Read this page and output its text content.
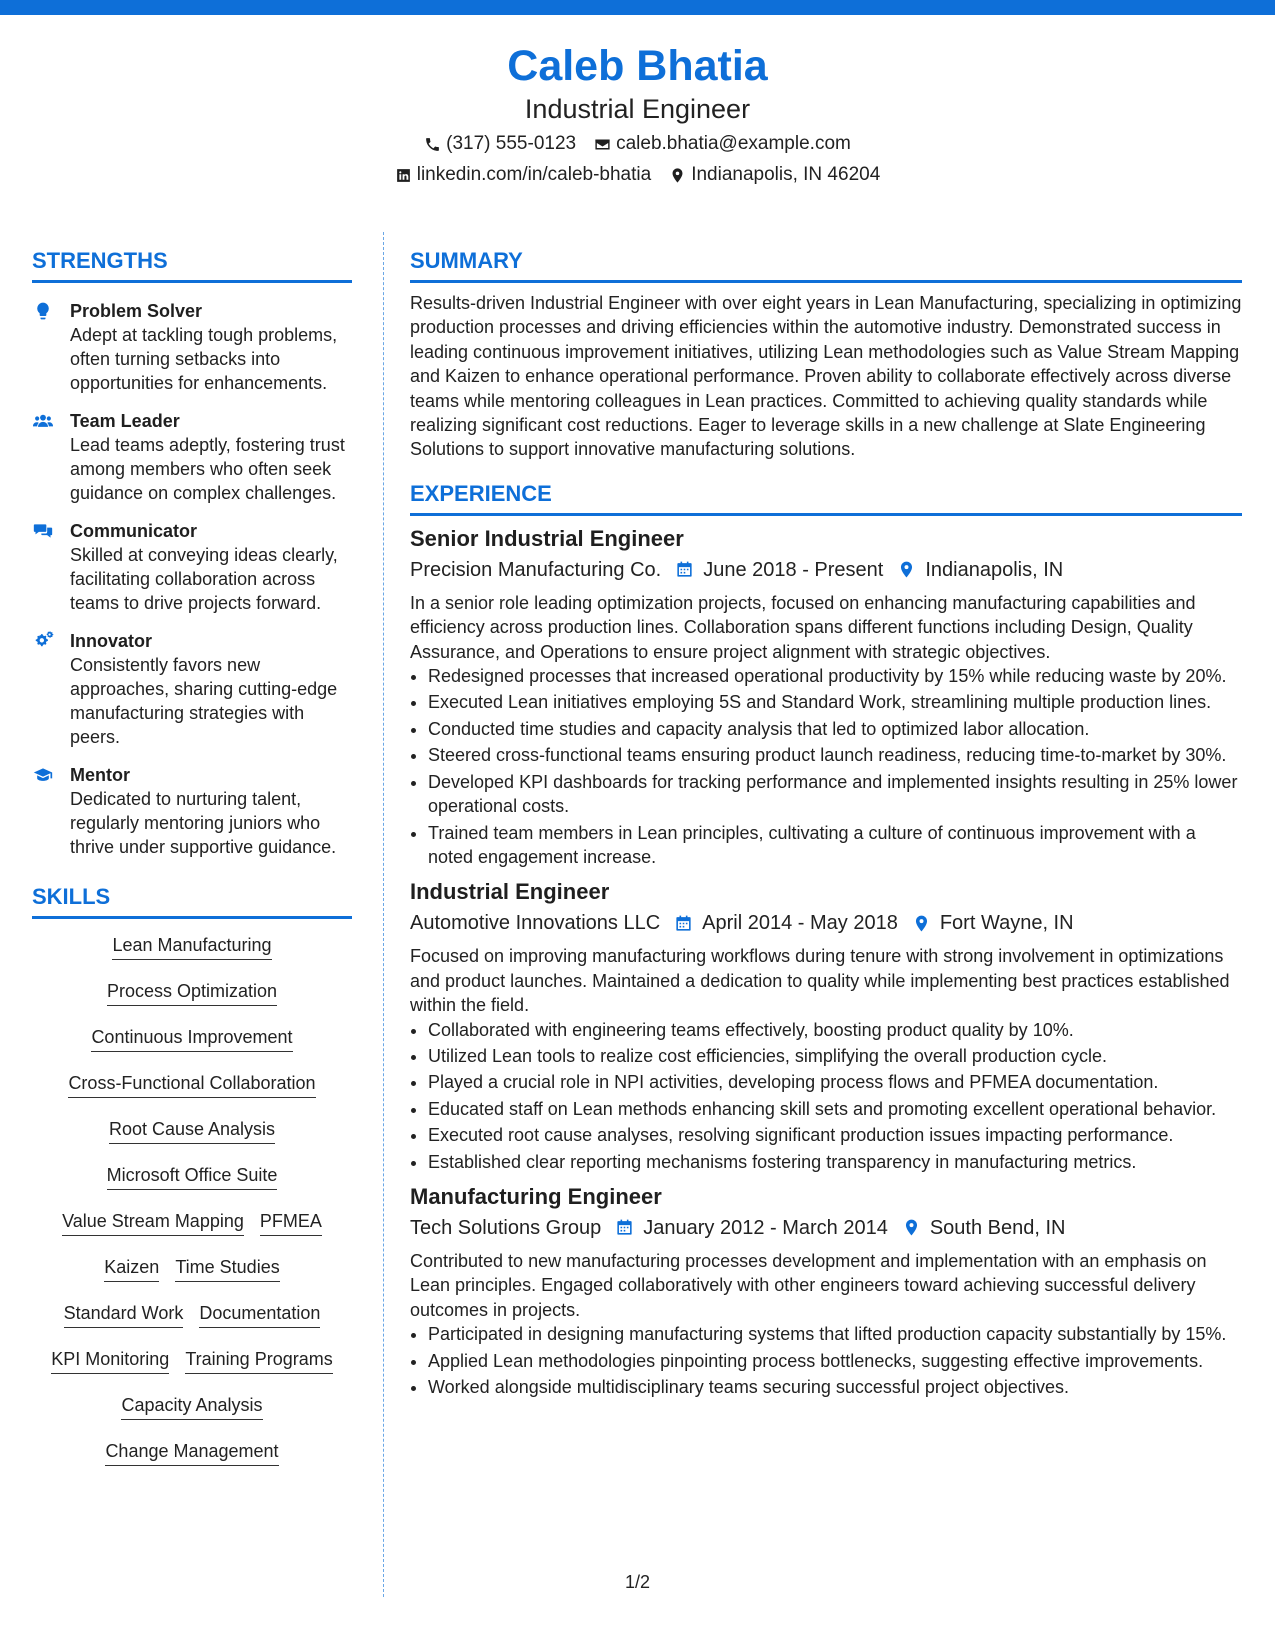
Caleb Bhatia
Industrial Engineer
(317) 555-0123 caleb.bhatia@example.com
linkedin.com/in/caleb-bhatia Indianapolis, IN 46204
STRENGTHS
Problem Solver
Adept at tackling tough problems, often turning setbacks into opportunities for enhancements.
Team Leader
Lead teams adeptly, fostering trust among members who often seek guidance on complex challenges.
Communicator
Skilled at conveying ideas clearly, facilitating collaboration across teams to drive projects forward.
Innovator
Consistently favors new approaches, sharing cutting-edge manufacturing strategies with peers.
Mentor
Dedicated to nurturing talent, regularly mentoring juniors who thrive under supportive guidance.
SKILLS
Lean Manufacturing
Process Optimization
Continuous Improvement
Cross-Functional Collaboration
Root Cause Analysis
Microsoft Office Suite
Value Stream Mapping PFMEA
Kaizen Time Studies
Standard Work Documentation
KPI Monitoring Training Programs
Capacity Analysis
Change Management
SUMMARY

Results-driven Industrial Engineer with over eight years in Lean Manufacturing, specializing in optimizing production processes and driving efficiencies within the automotive industry. Demonstrated success in leading continuous improvement initiatives, utilizing Lean methodologies such as Value Stream Mapping and Kaizen to enhance operational performance. Proven ability to collaborate effectively across diverse teams while mentoring colleagues in Lean practices. Committed to achieving quality standards while realizing significant cost reductions. Eager to leverage skills in a new challenge at Slate Engineering Solutions to support innovative manufacturing solutions.

EXPERIENCE
Senior Industrial Engineer
Precision Manufacturing Co. June 2018 - Present Indianapolis, IN

In a senior role leading optimization projects, focused on enhancing manufacturing capabilities and efficiency across production lines. Collaboration spans different functions including Design, Quality Assurance, and Operations to ensure project alignment with strategic objectives.

• Redesigned processes that increased operational productivity by 15% while reducing waste by 20%.
• Executed Lean initiatives employing 5S and Standard Work, streamlining multiple production lines.
• Conducted time studies and capacity analysis that led to optimized labor allocation.
• Steered cross-functional teams ensuring product launch readiness, reducing time-to-market by 30%.
• Developed KPI dashboards for tracking performance and implemented insights resulting in 25% lower operational costs.
• Trained team members in Lean principles, cultivating a culture of continuous improvement with a noted engagement increase.
Industrial Engineer
Automotive Innovations LLC April 2014 - May 2018 Fort Wayne, IN

Focused on improving manufacturing workflows during tenure with strong involvement in optimizations and product launches. Maintained a dedication to quality while implementing best practices established within the field.

• Collaborated with engineering teams effectively, boosting product quality by 10%.
• Utilized Lean tools to realize cost efficiencies, simplifying the overall production cycle.
• Played a crucial role in NPI activities, developing process flows and PFMEA documentation.
• Educated staff on Lean methods enhancing skill sets and promoting excellent operational behavior.
• Executed root cause analyses, resolving significant production issues impacting performance.
• Established clear reporting mechanisms fostering transparency in manufacturing metrics.
Manufacturing Engineer
Tech Solutions Group January 2012 - March 2014 South Bend, IN

Contributed to new manufacturing processes development and implementation with an emphasis on Lean principles. Engaged collaboratively with other engineers toward achieving successful delivery outcomes in projects.

• Participated in designing manufacturing systems that lifted production capacity substantially by 15%.
• Applied Lean methodologies pinpointing process bottlenecks, suggesting effective improvements.
• Worked alongside multidisciplinary teams securing successful project objectives.
1/2
